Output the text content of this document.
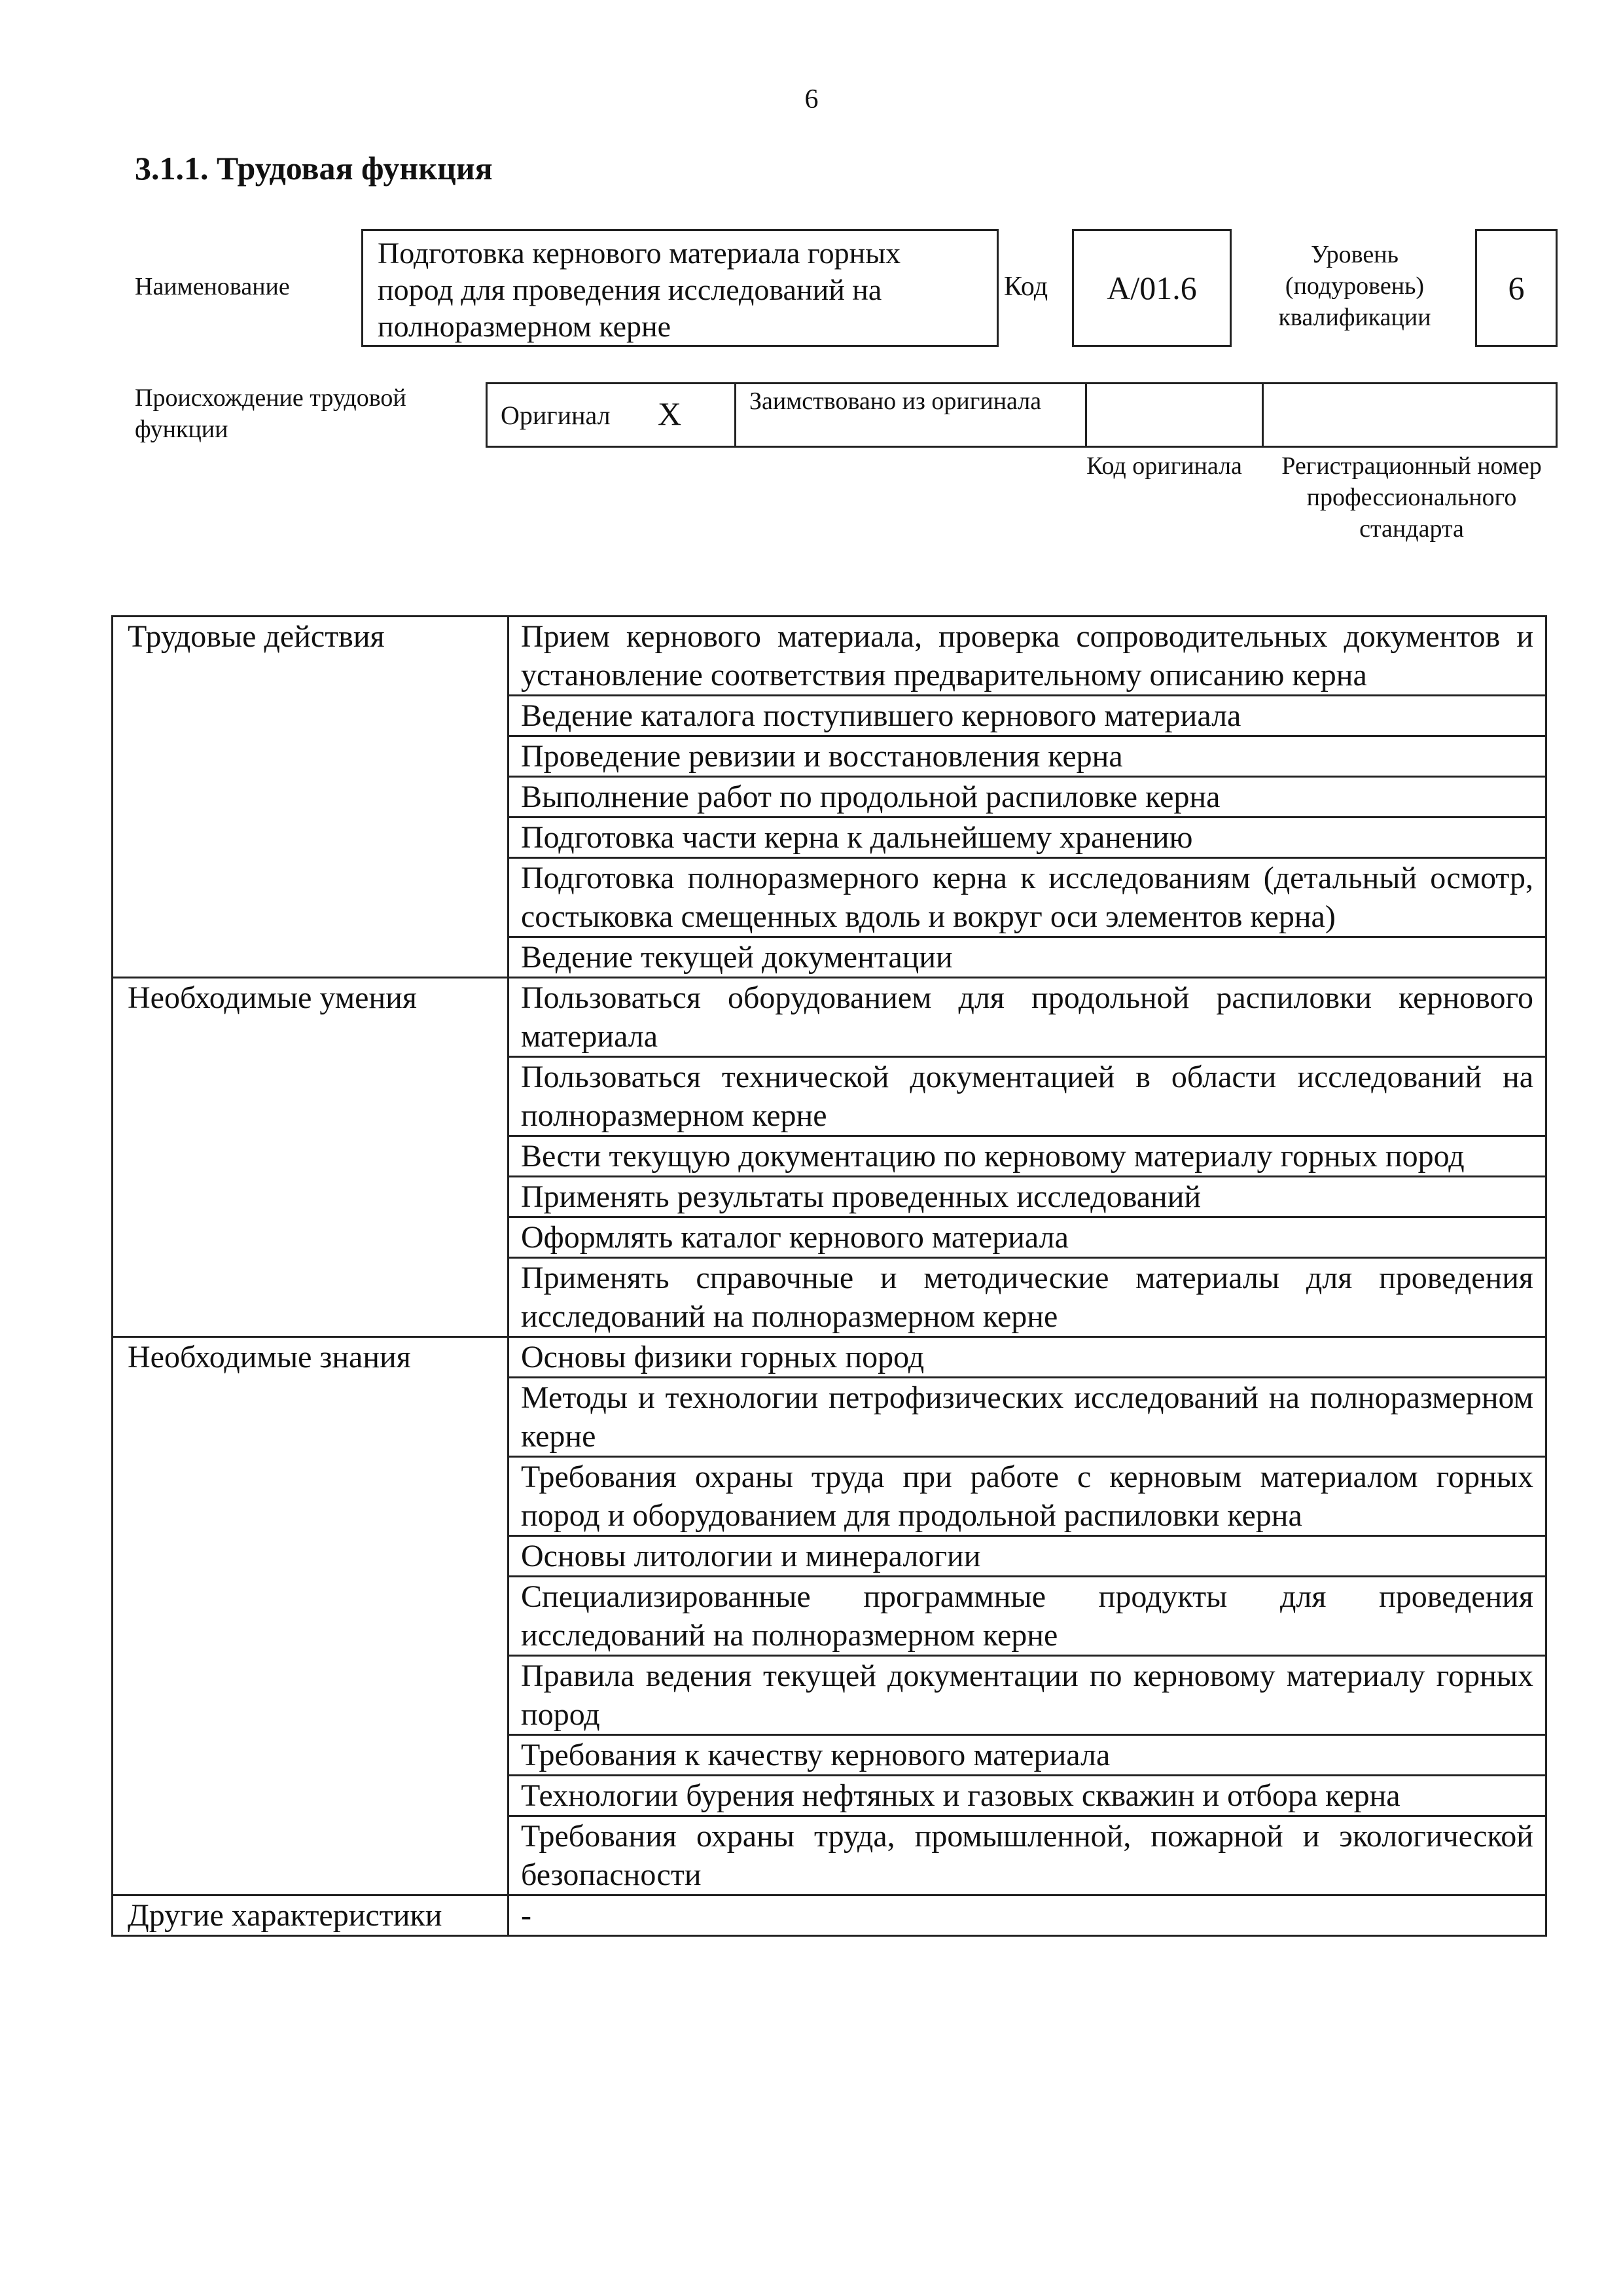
6
3.1.1. Трудовая функция
Наименование
Подготовка кернового материала горных пород для проведения исследований на полноразмерном керне
Код	А/01.6
Уровень (подуровень) квалификации
6
Происхождение трудовой функции	Оригинал X	Заимствовано из оригинала
Код оригинала	Регистрационный номер профессионального стандарта
Трудовые действия	Прием кернового материала, проверка сопроводительных документов и установление соответствия предварительному описанию керна
	Ведение каталога поступившего кернового материала
	Проведение ревизии и восстановления керна
	Выполнение работ по продольной распиловке керна
	Подготовка части керна к дальнейшему хранению
	Подготовка полноразмерного керна к исследованиям (детальный осмотр, состыковка смещенных вдоль и вокруг оси элементов керна)
	Ведение текущей документации

Необходимые умения	Пользоваться оборудованием для продольной распиловки кернового материала
	Пользоваться технической документацией в области исследований на полноразмерном керне
	Вести текущую документацию по керновому материалу горных пород
	Применять результаты проведенных исследований
	Оформлять каталог кернового материала
	Применять справочные и методические материалы для проведения исследований на полноразмерном керне

Необходимые знания	Основы физики горных пород
	Методы и технологии петрофизических исследований на полноразмерном керне
	Требования охраны труда при работе с керновым материалом горных пород и оборудованием для продольной распиловки керна
	Основы литологии и минералогии
	Специализированные программные продукты для проведения исследований на полноразмерном керне
	Правила ведения текущей документации по керновому материалу горных пород
	Требования к качеству кернового материала
	Технологии бурения нефтяных и газовых скважин и отбора керна
	Требования охраны труда, промышленной, пожарной и экологической безопасности

Другие характеристики	-
